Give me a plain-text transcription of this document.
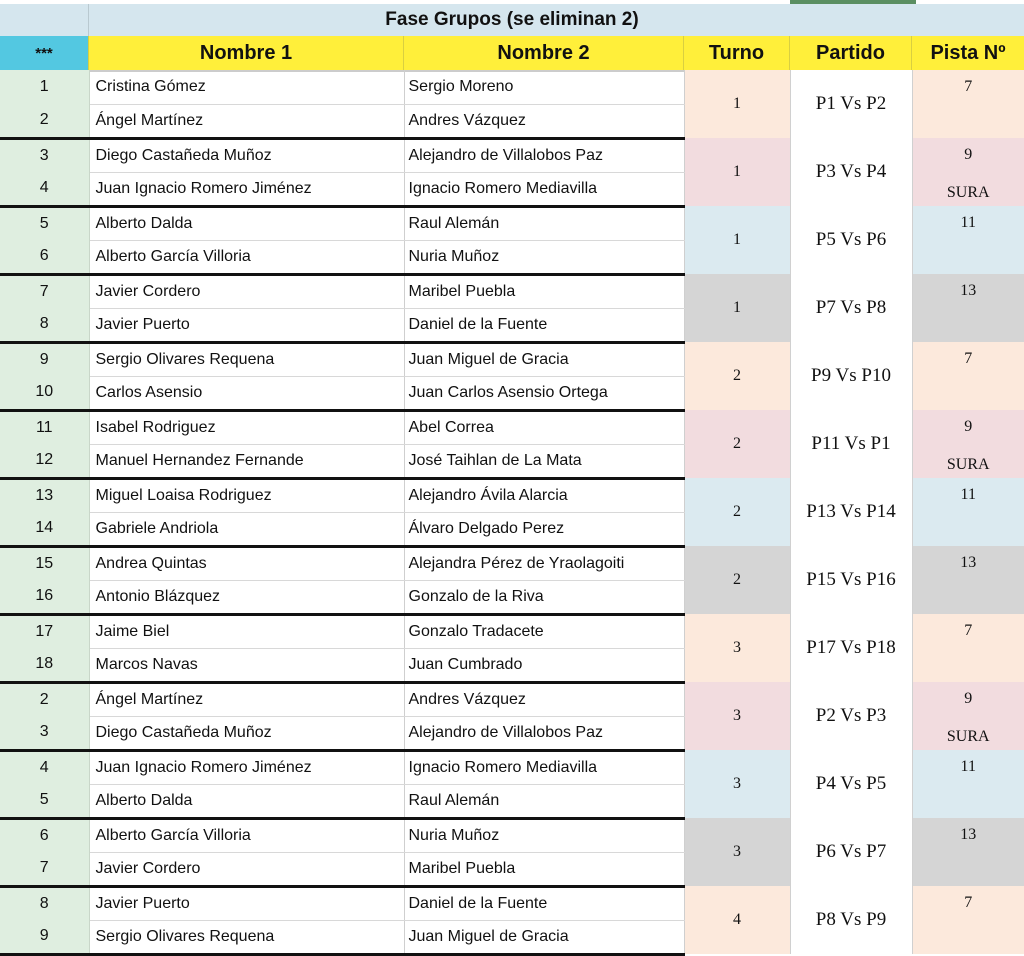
Fase Grupos (se eliminan 2)
***	Nombre 1	Nombre 2	Turno	Partido	Pista Nº
1	Cristina Gómez	Sergio Moreno	1	P1 Vs P2	7

2	Ángel Martínez	Andres Vázquez			
3	Diego Castañeda Muñoz	Alejandro de Villalobos Paz	1	P3 Vs P4	9
SURA

4	Juan Ignacio Romero Jiménez	Ignacio Romero Mediavilla			
5	Alberto Dalda	Raul Alemán	1	P5 Vs P6	11

6	Alberto García Villoria	Nuria Muñoz			
7	Javier Cordero	Maribel Puebla	1	P7 Vs P8	13

8	Javier Puerto	Daniel de la Fuente			
9	Sergio Olivares Requena	Juan Miguel de Gracia	2	P9 Vs P10	7

10	Carlos Asensio	Juan Carlos Asensio Ortega			
11	Isabel Rodriguez	Abel Correa	2	P11 Vs P1	9
SURA

12	Manuel Hernandez Fernande	José Taihlan de La Mata			
13	Miguel Loaisa Rodriguez	Alejandro Ávila Alarcia	2	P13 Vs P14	11

14	Gabriele Andriola	Álvaro Delgado Perez			
15	Andrea Quintas	Alejandra Pérez de Yraolagoiti	2	P15 Vs P16	13

16	Antonio Blázquez	Gonzalo de la Riva			
17	Jaime Biel	Gonzalo Tradacete	3	P17 Vs P18	7

18	Marcos Navas	Juan Cumbrado			
2	Ángel Martínez	Andres Vázquez	3	P2 Vs P3	9
SURA

3	Diego Castañeda Muñoz	Alejandro de Villalobos Paz			
4	Juan Ignacio Romero Jiménez	Ignacio Romero Mediavilla	3	P4 Vs P5	11

5	Alberto Dalda	Raul Alemán			
6	Alberto García Villoria	Nuria Muñoz	3	P6 Vs P7	13

7	Javier Cordero	Maribel Puebla			
8	Javier Puerto	Daniel de la Fuente	4	P8 Vs P9	7

9	Sergio Olivares Requena	Juan Miguel de Gracia			
